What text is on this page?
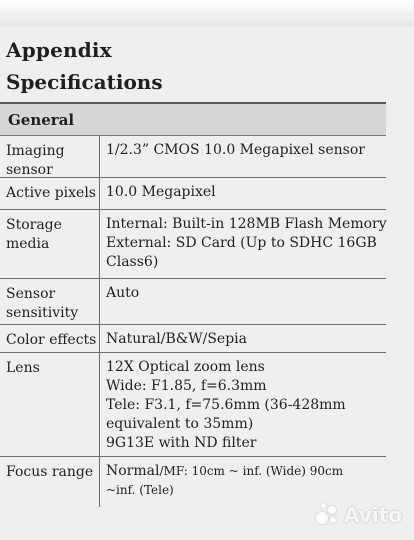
Appendix
Specifications
General
Imaging sensor
1/2.3” CMOS 10.0 Megapixel sensor
Active pixels 10.0 Megapixel
Storage media
Internal: Built-in 128MB Flash Memory
External: SD Card (Up to SDHC 16GB
Class6)
Sensor sensitivity
Auto
Color effects Natural/B&W/Sepia
Lens	12X Optical zoom lens
Wide: F1.85, f=6.3mm
Tele: F3.1, f=75.6mm (36-428mm
equivalent to 35mm)
9G13E with ND filter
Focus range Normal/MF: 10cm ~ inf. (Wide) 90cm
~inf. (Tele)
Avito
